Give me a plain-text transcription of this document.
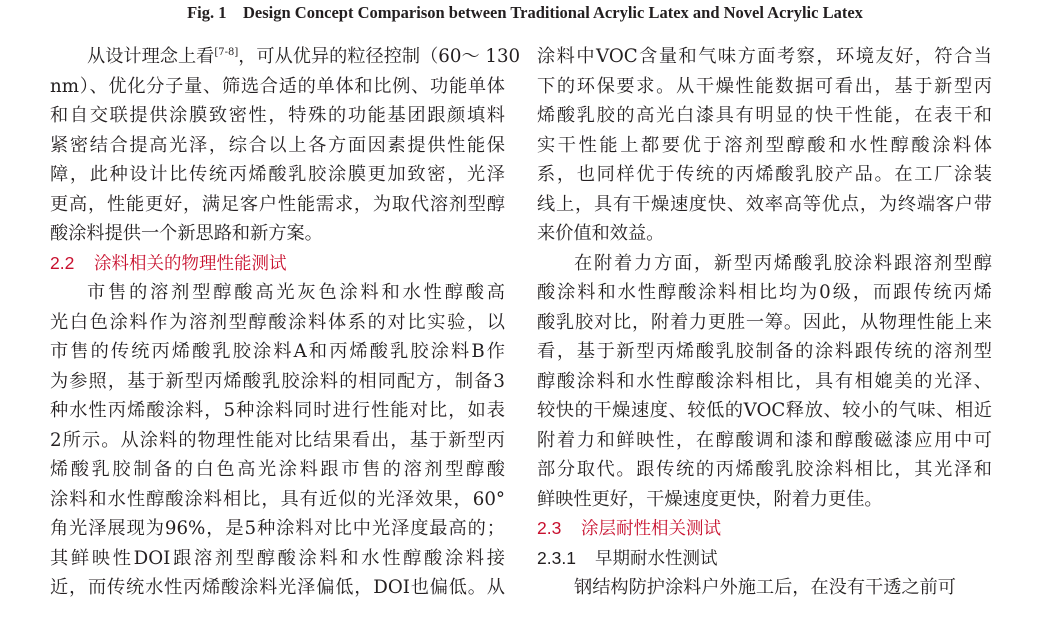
Fig. 1 Design Concept Comparison between Traditional Acrylic Latex and Novel Acrylic Latex
从设计理念上看[7-8]，可从优异的粒径控制（60～ 130
nm）、优化分子量、筛选合适的单体和比例、功能单体
和自交联提供涂膜致密性，特殊的功能基团跟颜填料
紧密结合提高光泽，综合以上各方面因素提供性能保
障，此种设计比传统丙烯酸乳胶涂膜更加致密，光泽
更高，性能更好，满足客户性能需求，为取代溶剂型醇
酸涂料提供一个新思路和新方案。
2.2 涂料相关的物理性能测试
市售的溶剂型醇酸高光灰色涂料和水性醇酸高
光白色涂料作为溶剂型醇酸涂料体系的对比实验，以
市售的传统丙烯酸乳胶涂料A和丙烯酸乳胶涂料B作
为参照，基于新型丙烯酸乳胶涂料的相同配方，制备3
种水性丙烯酸涂料，5种涂料同时进行性能对比，如表
2所示。从涂料的物理性能对比结果看出，基于新型丙
烯酸乳胶制备的白色高光涂料跟市售的溶剂型醇酸
涂料和水性醇酸涂料相比，具有近似的光泽效果，60°
角光泽展现为96%，是5种涂料对比中光泽度最高的；
其鲜映性DOI跟溶剂型醇酸涂料和水性醇酸涂料接
近，而传统水性丙烯酸涂料光泽偏低，DOI也偏低。从
涂料中VOC含量和气味方面考察，环境友好，符合当
下的环保要求。从干燥性能数据可看出，基于新型丙
烯酸乳胶的高光白漆具有明显的快干性能，在表干和
实干性能上都要优于溶剂型醇酸和水性醇酸涂料体
系，也同样优于传统的丙烯酸乳胶产品。在工厂涂装
线上，具有干燥速度快、效率高等优点，为终端客户带
来价值和效益。
在附着力方面，新型丙烯酸乳胶涂料跟溶剂型醇
酸涂料和水性醇酸涂料相比均为0级，而跟传统丙烯
酸乳胶对比，附着力更胜一筹。因此，从物理性能上来
看，基于新型丙烯酸乳胶制备的涂料跟传统的溶剂型
醇酸涂料和水性醇酸涂料相比，具有相媲美的光泽、
较快的干燥速度、较低的VOC释放、较小的气味、相近
附着力和鲜映性，在醇酸调和漆和醇酸磁漆应用中可
部分取代。跟传统的丙烯酸乳胶涂料相比，其光泽和
鲜映性更好，干燥速度更快，附着力更佳。
2.3 涂层耐性相关测试
2.3.1 早期耐水性测试
钢结构防护涂料户外施工后，在没有干透之前可
